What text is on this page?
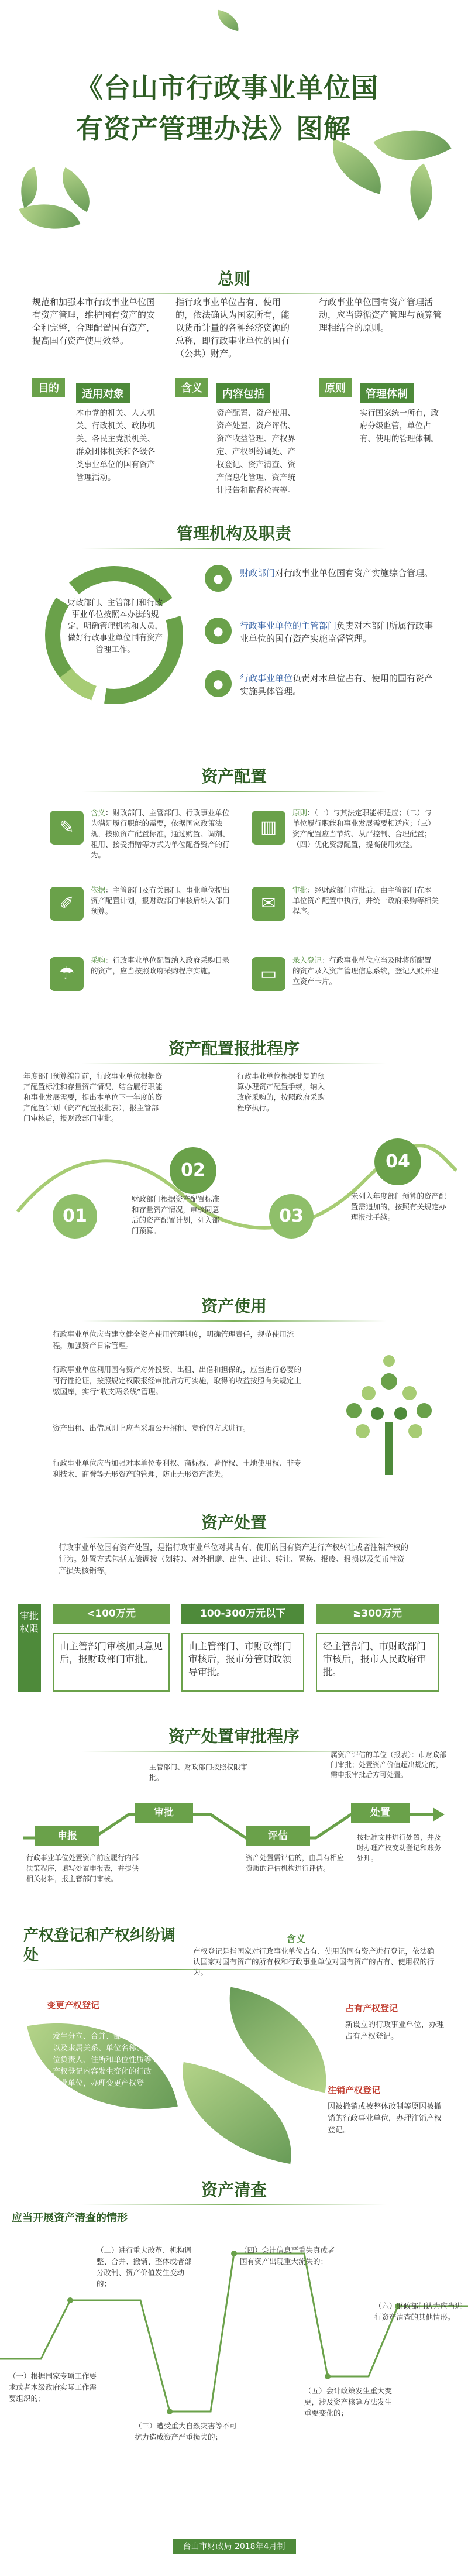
《台山市行政事业单位国
有资产管理办法》图解
总则
规范和加强本市行政事业单位国有资产管理，维护国有资产的安全和完整，合理配置国有资产，提高国有资产使用效益。
目的	适用对象
本市党的机关、人大机关、行政机关、政协机关、各民主党派机关、群众团体机关和各级各类事业单位的国有资产管理活动。
指行政事业单位占有、使用的，依法确认为国家所有，能以货币计量的各种经济资源的总称，即行政事业单位的国有（公共）财产。
含义	内容包括
资产配置、资产使用、资产处置、资产评估、资产收益管理、产权界定、产权纠纷调处、产权登记、资产清查、资产信息化管理、资产统计报告和监督检查等。
行政事业单位国有资产管理活动，应当遵循资产管理与预算管理相结合的原则。
原则	管理体制
实行国家统一所有，政府分级监管，单位占有、使用的管理体制。
管理机构及职责
财政部门、主管部门和行政事业单位按照本办法的规定，明确管理机构和人员，做好行政事业单位国有资产管理工作。
●	财政部门对行政事业单位国有资产实施综合管理。
●	行政事业单位的主管部门负责对本部门所属行政事业单位的国有资产实施监督管理。
●	行政事业单位负责对本单位占有、使用的国有资产实施具体管理。
资产配置
✎
含义：财政部门、主管部门、行政事业单位为满足履行职能的需要，依据国家政策法规，按照资产配置标准，通过购置、调剂、租用、接受捐赠等方式为单位配备资产的行为。
▥
原则：（一）与其法定职能相适应；（二）与单位履行职能和事业发展需要相适应；（三）资产配置应当节约、从严控制、合理配置；（四）优化资源配置，提高使用效益。
✐
依据：主管部门及有关部门、事业单位提出资产配置计划，报财政部门审核后纳入部门预算。	✉
审批：经财政部门审批后，由主管部门在本单位资产配置中执行，并统一政府采购等相关程序。
☂
采购：行政事业单位配置纳入政府采购目录的资产，应当按照政府采购程序实施。	▭
录入登记：行政事业单位应当及时将所配置的资产录入资产管理信息系统，登记入账并建立资产卡片。
资产配置报批程序
年度部门预算编制前，行政事业单位根据资产配置标准和存量资产情况，结合履行职能和事业发展需要，提出本单位下一年度的资产配置计划（资产配置报批表），报主管部门审核后，报财政部门审批。
01
02
财政部门根据资产配置标准和存量资产情况，审核同意后的资产配置计划，列入部门预算。
行政事业单位根据批复的预算办理资产配置手续，纳入政府采购的，按照政府采购程序执行。
03
04
未列入年度部门预算的资产配置需追加的，按照有关规定办理报批手续。
资产使用
行政事业单位应当建立健全资产使用管理制度，明确管理责任，规范使用流程，加强资产日常管理。
行政事业单位利用国有资产对外投资、出租、出借和担保的，应当进行必要的可行性论证，按照规定权限报经审批后方可实施，取得的收益按照有关规定上缴国库，实行“收支两条线”管理。
资产出租、出借原则上应当采取公开招租、竞价的方式进行。
行政事业单位应当加强对本单位专利权、商标权、著作权、土地使用权、非专利技术、商誉等无形资产的管理，防止无形资产流失。
资产处置
行政事业单位国有资产处置，是指行政事业单位对其占有、使用的国有资产进行产权转让或者注销产权的行为。处置方式包括无偿调拨（划转）、对外捐赠、出售、出让、转让、置换、报废、报损以及货币性资产损失核销等。
审批权限
<100万元
由主管部门审核加具意见后，报财政部门审批。
100-300万元以下
由主管部门、市财政部门审核后，报市分管财政领导审批。
≥300万元
经主管部门、市财政部门审核后，报市人民政府审批。
资产处置审批程序
属资产评估的单位（报表）：市财政部门审批；处置资产价值超出规定的，需申报审批后方可处置。
申报
行政事业单位处置资产前应履行内部决策程序，填写处置申报表，并提供相关材料，报主管部门审核。
审批
主管部门、财政部门按照权限审批。
评估
资产处置需评估的，由具有相应资质的评估机构进行评估。
处置
按批准文件进行处置，并及时办理产权变动登记和账务处理。
产权登记和产权纠纷调处
含义
产权登记是指国家对行政事业单位占有、使用的国有资产进行登记，依法确认国家对国有资产的所有权和行政事业单位对国有资产的占有、使用权的行为。
变更产权登记
发生分立、合并、部分改制，以及隶属关系、单位名称、单位负责人、住所和单位性质等产权登记内容发生变化的行政事业单位，办理变更产权登记。
占有产权登记
新设立的行政事业单位，办理占有产权登记。
注销产权登记
因被撤销或被整体改制等原因被撤销的行政事业单位，办理注销产权登记。
资产清查
应当开展资产清查的情形
（一）根据国家专项工作要求或者本级政府实际工作需要组织的；
（二）进行重大改革、机构调整、合并、撤销、整体或者部分改制、资产价值发生变动的；
（三）遭受重大自然灾害等不可抗力造成资产严重损失的；
（四）会计信息严重失真或者国有资产出现重大流失的；
（五）会计政策发生重大变更，涉及资产核算方法发生重要变化的；
（六）财政部门认为应当进行资产清查的其他情形。
台山市财政局 2018年4月制
